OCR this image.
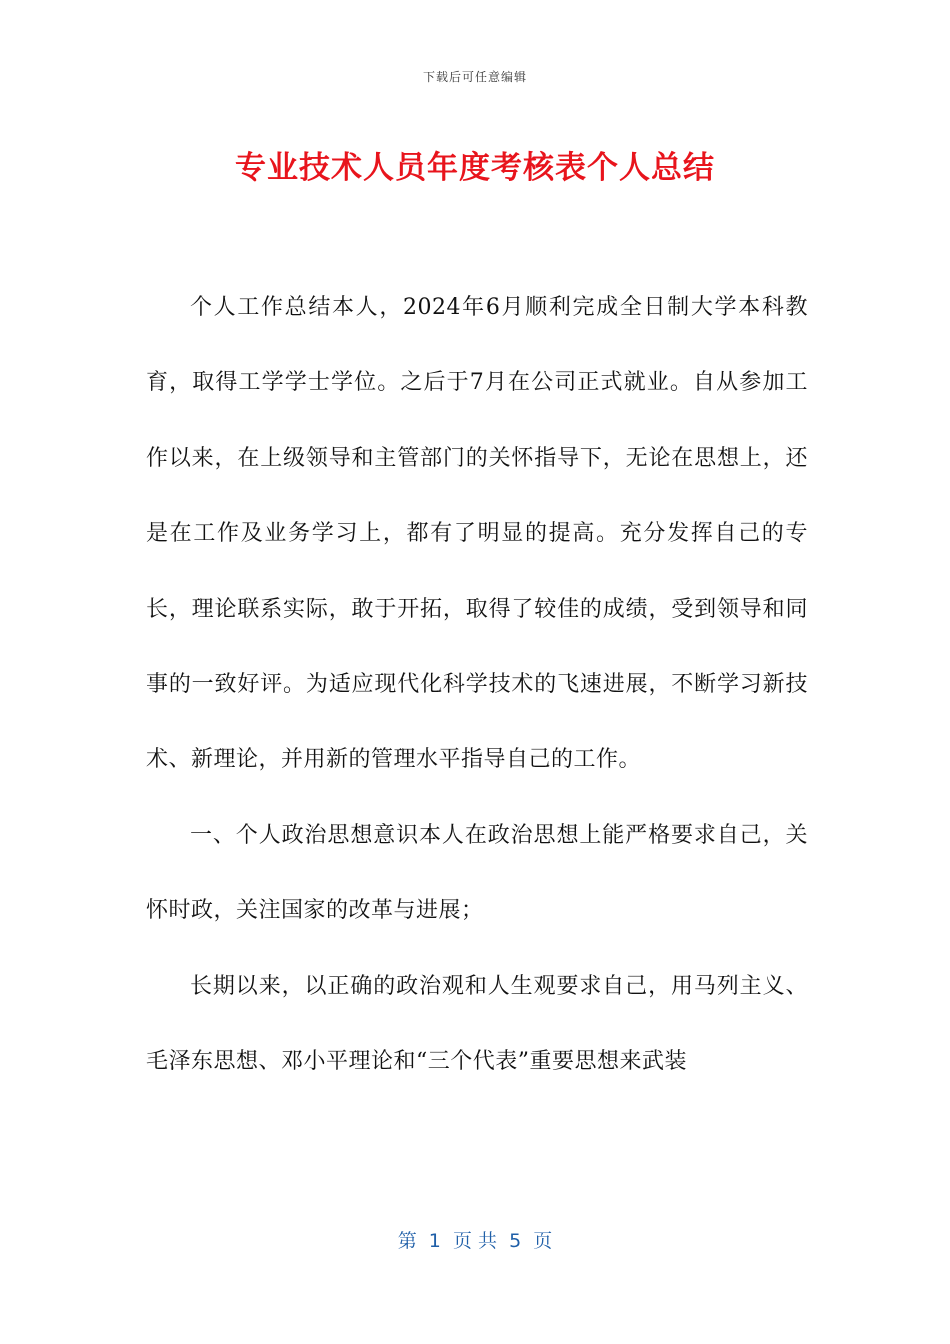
下载后可任意编辑
专业技术人员年度考核表个人总结

个人工作总结本人，2024年6月顺利完成全日制大学本科教育，取得工学学士学位。之后于7月在公司正式就业。自从参加工作以来，在上级领导和主管部门的关怀指导下，无论在思想上，还是在工作及业务学习上，都有了明显的提高。充分发挥自己的专长，理论联系实际，敢于开拓，取得了较佳的成绩，受到领导和同事的一致好评。为适应现代化科学技术的飞速进展，不断学习新技术、新理论，并用新的管理水平指导自己的工作。

一、个人政治思想意识本人在政治思想上能严格要求自己，关怀时政，关注国家的改革与进展；

长期以来，以正确的政治观和人生观要求自己，用马列主义、毛泽东思想、邓小平理论和“三个代表”重要思想来武装

第  1  页 共  5  页
